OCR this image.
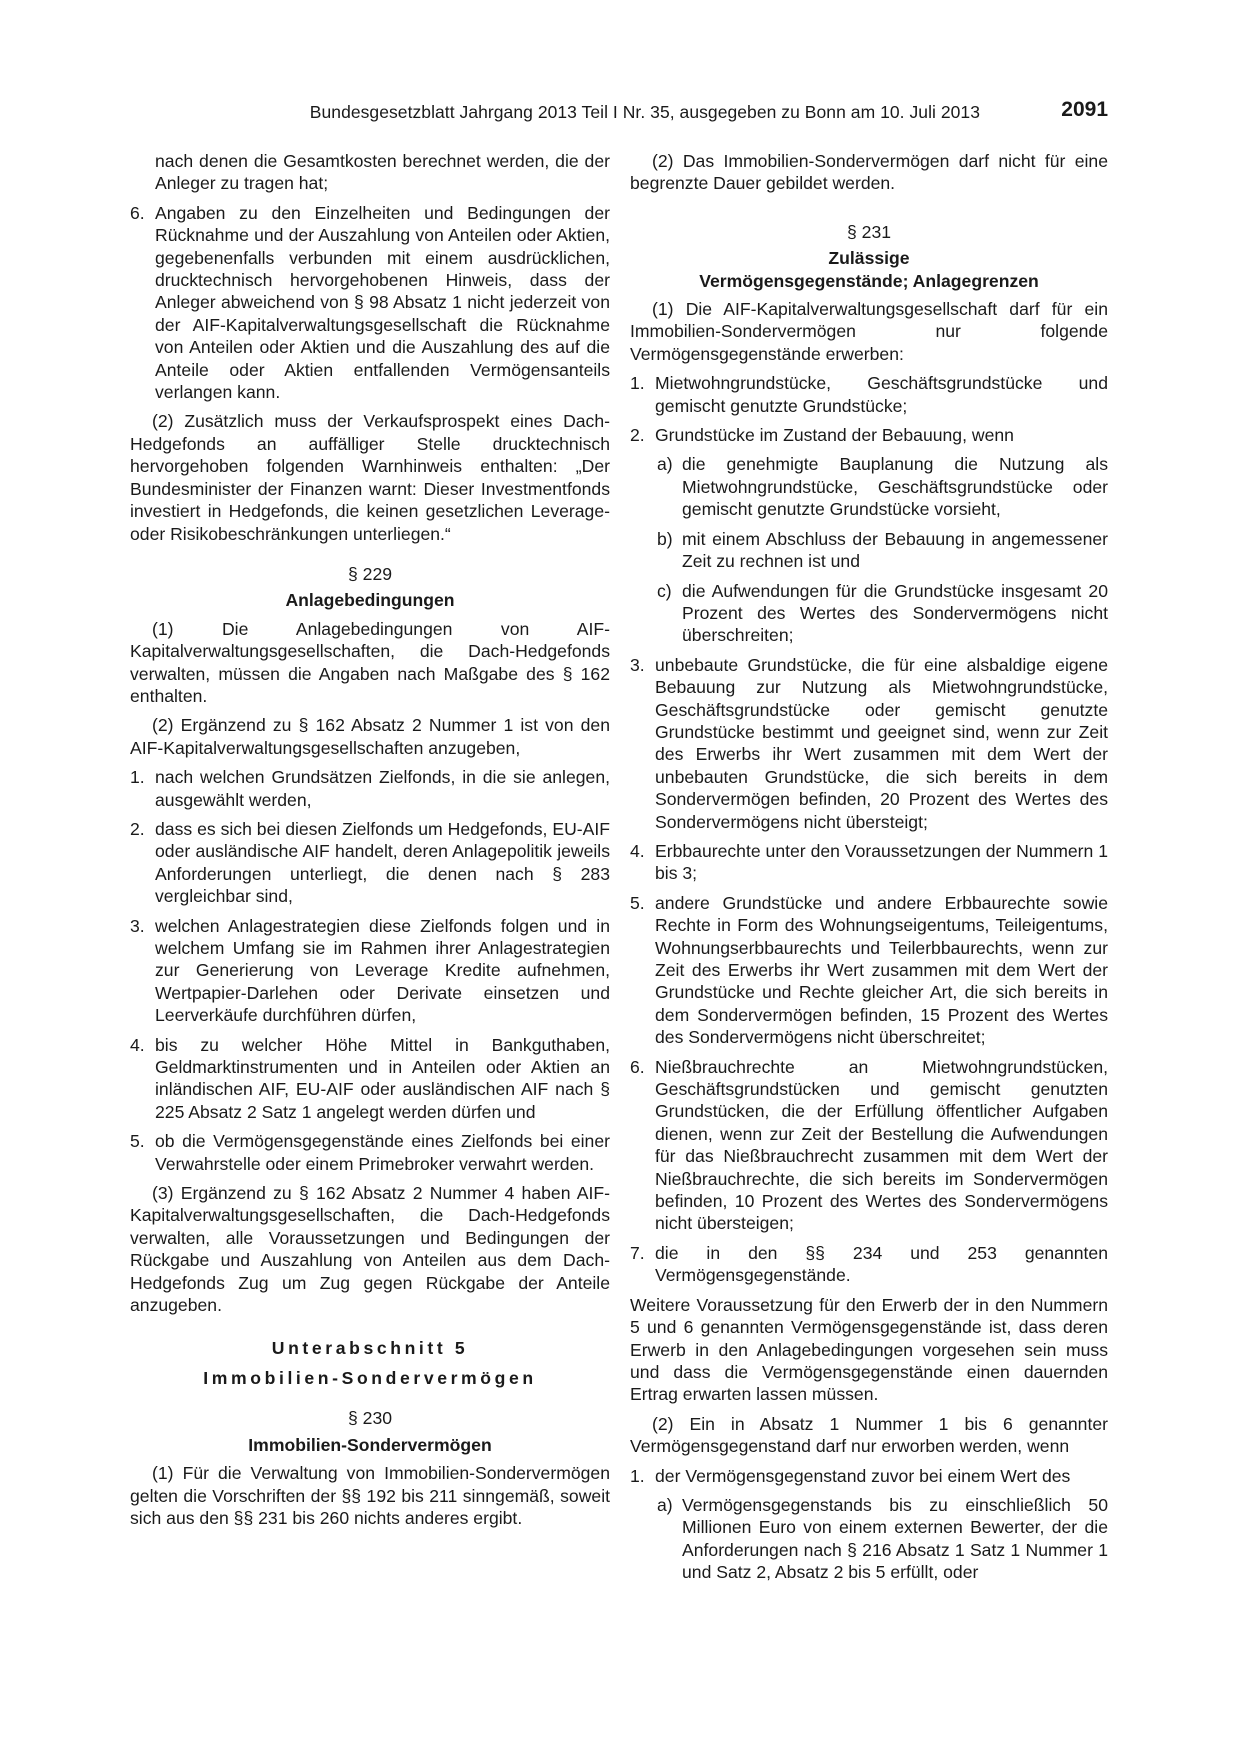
Bundesgesetzblatt Jahrgang 2013 Teil I Nr. 35, ausgegeben zu Bonn am 10. Juli 2013	2091

nach denen die Gesamtkosten berechnet werden, die der Anleger zu tragen hat;

6. Angaben zu den Einzelheiten und Bedingungen der Rücknahme und der Auszahlung von Anteilen oder Aktien, gegebenenfalls verbunden mit einem ausdrücklichen, drucktechnisch hervorgehobenen Hinweis, dass der Anleger abweichend von § 98 Absatz 1 nicht jederzeit von der AIF-Kapitalverwaltungsgesellschaft die Rücknahme von Anteilen oder Aktien und die Auszahlung des auf die Anteile oder Aktien entfallenden Vermögensanteils verlangen kann.

(2) Zusätzlich muss der Verkaufsprospekt eines Dach-Hedgefonds an auffälliger Stelle drucktechnisch hervorgehoben folgenden Warnhinweis enthalten: „Der Bundesminister der Finanzen warnt: Dieser Investmentfonds investiert in Hedgefonds, die keinen gesetzlichen Leverage- oder Risikobeschränkungen unterliegen.“

§ 229

Anlagebedingungen

(1) Die Anlagebedingungen von AIF-Kapitalverwaltungsgesellschaften, die Dach-Hedgefonds verwalten, müssen die Angaben nach Maßgabe des § 162 enthalten.

(2) Ergänzend zu § 162 Absatz 2 Nummer 1 ist von den AIF-Kapitalverwaltungsgesellschaften anzugeben,

1. nach welchen Grundsätzen Zielfonds, in die sie anlegen, ausgewählt werden,
2. dass es sich bei diesen Zielfonds um Hedgefonds, EU-AIF oder ausländische AIF handelt, deren Anlagepolitik jeweils Anforderungen unterliegt, die denen nach § 283 vergleichbar sind,
3. welchen Anlagestrategien diese Zielfonds folgen und in welchem Umfang sie im Rahmen ihrer Anlagestrategien zur Generierung von Leverage Kredite aufnehmen, Wertpapier-Darlehen oder Derivate einsetzen und Leerverkäufe durchführen dürfen,
4. bis zu welcher Höhe Mittel in Bankguthaben, Geldmarktinstrumenten und in Anteilen oder Aktien an inländischen AIF, EU-AIF oder ausländischen AIF nach § 225 Absatz 2 Satz 1 angelegt werden dürfen und
5. ob die Vermögensgegenstände eines Zielfonds bei einer Verwahrstelle oder einem Primebroker verwahrt werden.

(3) Ergänzend zu § 162 Absatz 2 Nummer 4 haben AIF-Kapitalverwaltungsgesellschaften, die Dach-Hedgefonds verwalten, alle Voraussetzungen und Bedingungen der Rückgabe und Auszahlung von Anteilen aus dem Dach-Hedgefonds Zug um Zug gegen Rückgabe der Anteile anzugeben.

Unterabschnitt 5

Immobilien-Sondervermögen

§ 230

Immobilien-Sondervermögen

(1) Für die Verwaltung von Immobilien-Sondervermögen gelten die Vorschriften der §§ 192 bis 211 sinngemäß, soweit sich aus den §§ 231 bis 260 nichts anderes ergibt.

(2) Das Immobilien-Sondervermögen darf nicht für eine begrenzte Dauer gebildet werden.

§ 231

Zulässige

Vermögensgegenstände; Anlagegrenzen

(1) Die AIF-Kapitalverwaltungsgesellschaft darf für ein Immobilien-Sondervermögen nur folgende Vermögensgegenstände erwerben:

1. Mietwohngrundstücke, Geschäftsgrundstücke und gemischt genutzte Grundstücke;
2. Grundstücke im Zustand der Bebauung, wenn
a) die genehmigte Bauplanung die Nutzung als Mietwohngrundstücke, Geschäftsgrundstücke oder gemischt genutzte Grundstücke vorsieht,
b) mit einem Abschluss der Bebauung in angemessener Zeit zu rechnen ist und
c) die Aufwendungen für die Grundstücke insgesamt 20 Prozent des Wertes des Sondervermögens nicht überschreiten;
3. unbebaute Grundstücke, die für eine alsbaldige eigene Bebauung zur Nutzung als Mietwohngrundstücke, Geschäftsgrundstücke oder gemischt genutzte Grundstücke bestimmt und geeignet sind, wenn zur Zeit des Erwerbs ihr Wert zusammen mit dem Wert der unbebauten Grundstücke, die sich bereits in dem Sondervermögen befinden, 20 Prozent des Wertes des Sondervermögens nicht übersteigt;
4. Erbbaurechte unter den Voraussetzungen der Nummern 1 bis 3;
5. andere Grundstücke und andere Erbbaurechte sowie Rechte in Form des Wohnungseigentums, Teileigentums, Wohnungserbbaurechts und Teilerbbaurechts, wenn zur Zeit des Erwerbs ihr Wert zusammen mit dem Wert der Grundstücke und Rechte gleicher Art, die sich bereits in dem Sondervermögen befinden, 15 Prozent des Wertes des Sondervermögens nicht überschreitet;
6. Nießbrauchrechte an Mietwohngrundstücken, Geschäftsgrundstücken und gemischt genutzten Grundstücken, die der Erfüllung öffentlicher Aufgaben dienen, wenn zur Zeit der Bestellung die Aufwendungen für das Nießbrauchrecht zusammen mit dem Wert der Nießbrauchrechte, die sich bereits im Sondervermögen befinden, 10 Prozent des Wertes des Sondervermögens nicht übersteigen;
7. die in den §§ 234 und 253 genannten Vermögensgegenstände.

Weitere Voraussetzung für den Erwerb der in den Nummern 5 und 6 genannten Vermögensgegenstände ist, dass deren Erwerb in den Anlagebedingungen vorgesehen sein muss und dass die Vermögensgegenstände einen dauernden Ertrag erwarten lassen müssen.

(2) Ein in Absatz 1 Nummer 1 bis 6 genannter Vermögensgegenstand darf nur erworben werden, wenn

1. der Vermögensgegenstand zuvor bei einem Wert des
a) Vermögensgegenstands bis zu einschließlich 50 Millionen Euro von einem externen Bewerter, der die Anforderungen nach § 216 Absatz 1 Satz 1 Nummer 1 und Satz 2, Absatz 2 bis 5 erfüllt, oder
